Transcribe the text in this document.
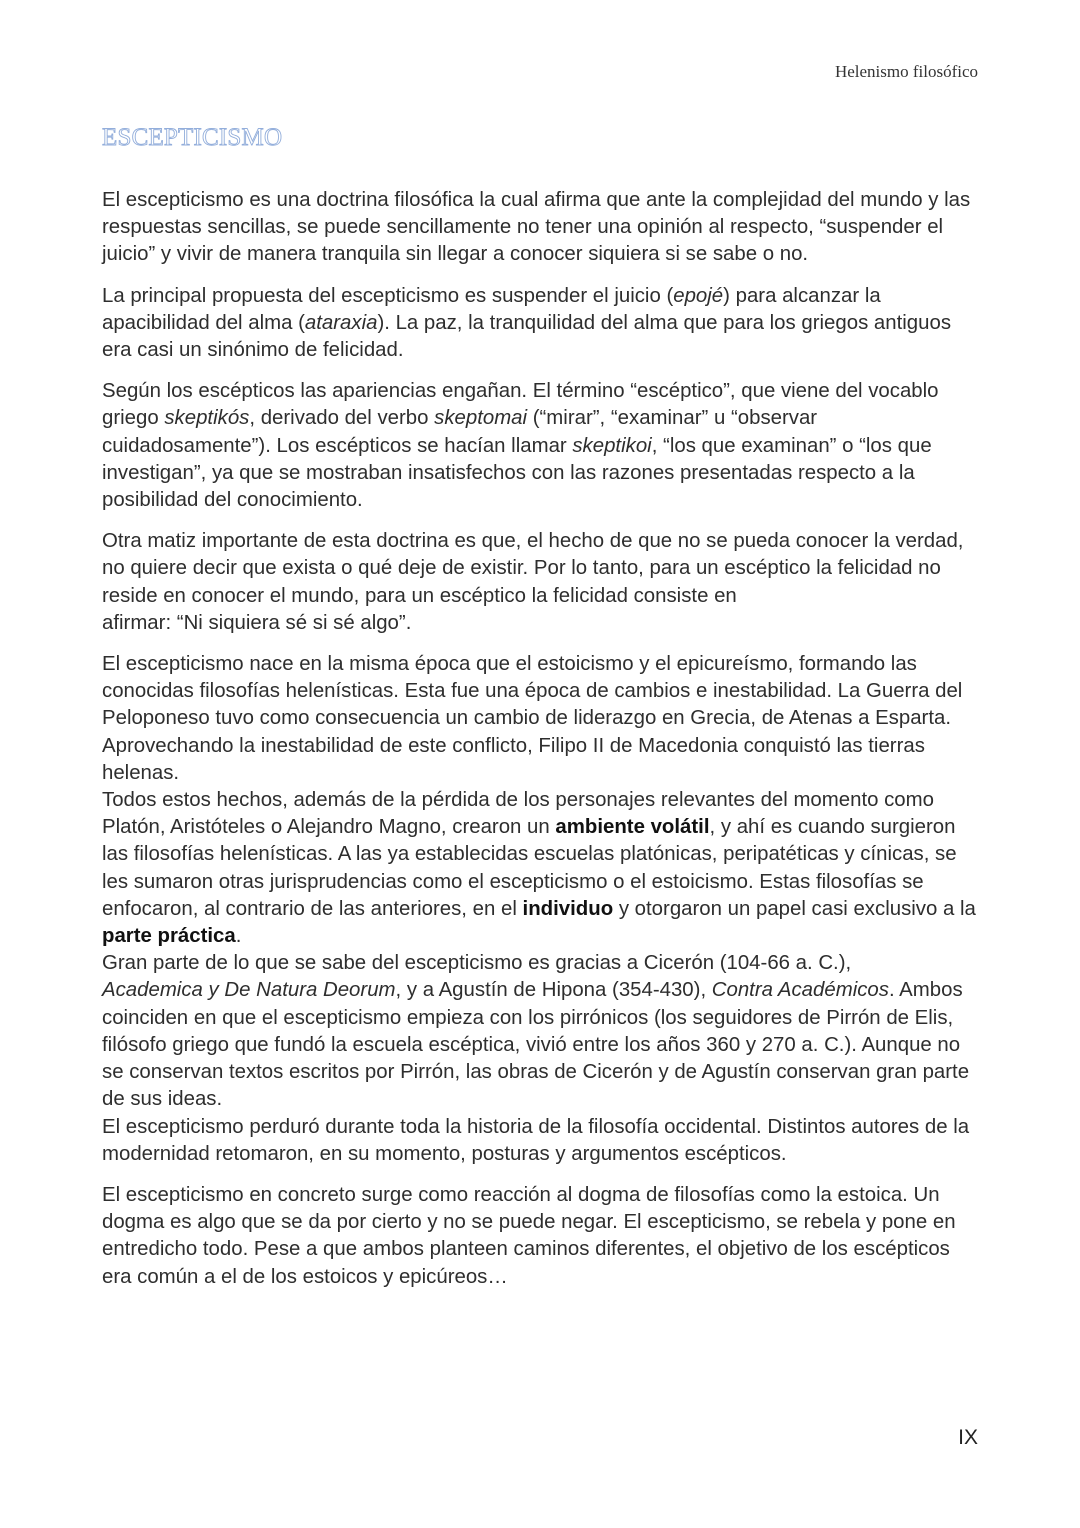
Helenismo filosófico
ESCEPTICISMO

El escepticismo es una doctrina filosófica la cual afirma que ante la complejidad del mundo y las respuestas sencillas, se puede sencillamente no tener una opinión al respecto, “suspender el juicio” y vivir de manera tranquila sin llegar a conocer siquiera si se sabe o no.

La principal propuesta del escepticismo es suspender el juicio (epojé) para alcanzar la apacibilidad del alma (ataraxia). La paz, la tranquilidad del alma que para los griegos antiguos era casi un sinónimo de felicidad.

Según los escépticos las apariencias engañan. El término “escéptico”, que viene del vocablo griego skeptikós, derivado del verbo skeptomai (“mirar”, “examinar” u “observar cuidadosamente”). Los escépticos se hacían llamar skeptikoi, “los que examinan” o “los que investigan”, ya que se mostraban insatisfechos con las razones presentadas respecto a la posibilidad del conocimiento.

Otra matiz importante de esta doctrina es que, el hecho de que no se pueda conocer la verdad, no quiere decir que exista o qué deje de existir. Por lo tanto, para un escéptico la felicidad no reside en conocer el mundo, para un escéptico la felicidad consiste en
afirmar: “Ni siquiera sé si sé algo”.

El escepticismo nace en la misma época que el estoicismo y el epicureísmo, formando las conocidas filosofías helenísticas. Esta fue una época de cambios e inestabilidad. La Guerra del Peloponeso tuvo como consecuencia un cambio de liderazgo en Grecia, de Atenas a Esparta. Aprovechando la inestabilidad de este conflicto, Filipo II de Macedonia conquistó las tierras helenas.

Todos estos hechos, además de la pérdida de los personajes relevantes del momento como Platón, Aristóteles o Alejandro Magno, crearon un ambiente volátil, y ahí es cuando surgieron las filosofías helenísticas. A las ya establecidas escuelas platónicas, peripatéticas y cínicas, se les sumaron otras jurisprudencias como el escepticismo o el estoicismo. Estas filosofías se enfocaron, al contrario de las anteriores, en el individuo y otorgaron un papel casi exclusivo a la parte práctica.

Gran parte de lo que se sabe del escepticismo es gracias a Cicerón (104-66 a. C.),
Academica y De Natura Deorum, y a Agustín de Hipona (354-430), Contra Académicos. Ambos coinciden en que el escepticismo empieza con los pirrónicos (los seguidores de Pirrón de Elis, filósofo griego que fundó la escuela escéptica, vivió entre los años 360 y 270 a. C.). Aunque no se conservan textos escritos por Pirrón, las obras de Cicerón y de Agustín conservan gran parte de sus ideas.

El escepticismo perduró durante toda la historia de la filosofía occidental. Distintos autores de la modernidad retomaron, en su momento, posturas y argumentos escépticos.

El escepticismo en concreto surge como reacción al dogma de filosofías como la estoica. Un dogma es algo que se da por cierto y no se puede negar. El escepticismo, se rebela y pone en entredicho todo. Pese a que ambos planteen caminos diferentes, el objetivo de los escépticos era común a el de los estoicos y epicúreos…

IX
